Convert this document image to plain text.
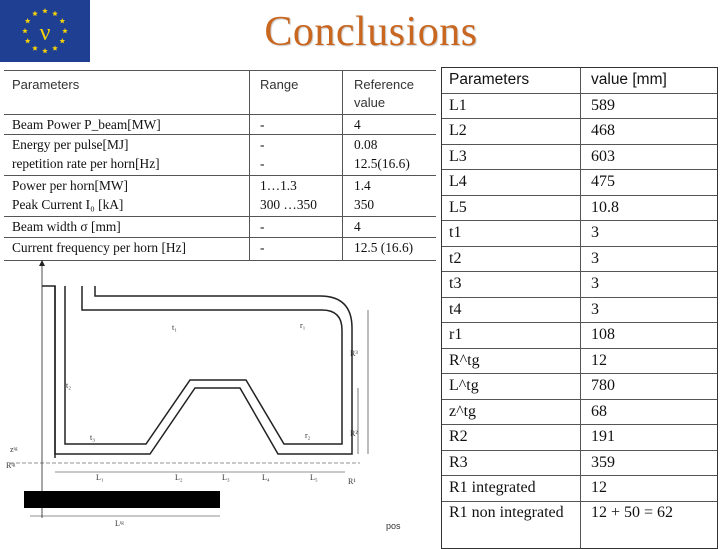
ν	Conclusions
Parameters	Range	Reference
value
Beam Power P_beam[MW]	-	4
Energy per pulse[MJ]	-	0.08
repetition rate per horn[Hz]	-	12.5(16.6)
Power per horn[MW]	1…1.3	1.4
Peak Current I₀ [kA]	300 …350	350
Beam width σ [mm]	-	4
Current frequency per horn [Hz]	-	12.5 (16.6)
Parameters	value [mm]
L1	589
L2	468
L3	603
L4	475
L5	10.8
t1	3
t2	3
t3	3
t4	3
r1	108
R^tg	12
L^tg	780
z^tg	68
R2	191
R3	359
R1 integrated	12
R1 non integrated	12 + 50 = 62
L₁	L₂	L₃	L₄	L₅
t₁
t₂
t₃
r₁
r₂
Rᵗᵍ
zᵗᵍ
Lᵗᵍ
R¹
R²
R³
pos
